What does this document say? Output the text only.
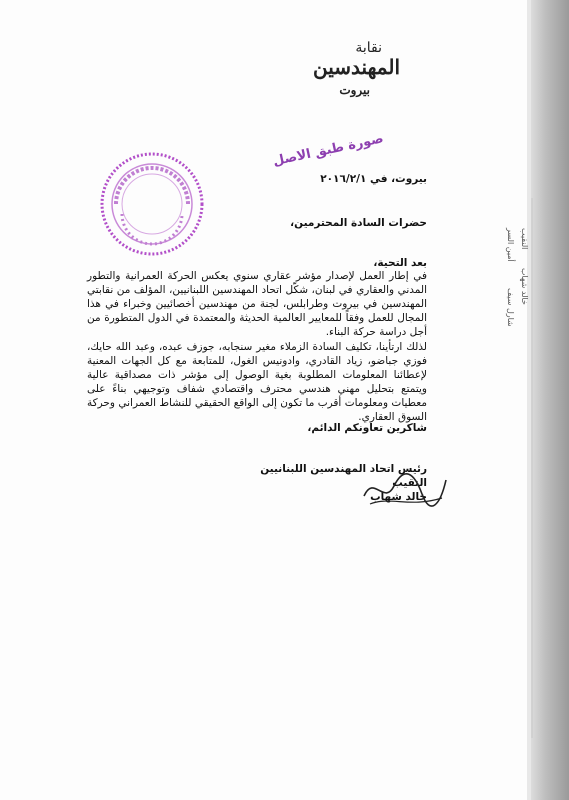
نقابة
المهندسين
بيروت
صورة طبق الاصل
النقيب
خالد شهاب
أمين السر
شارل سيف
بيروت، في ٢٠١٦/٢/١
حضرات السادة المحترمين،
بعد التحية،
في إطار العمل لإصدار مؤشر عقاري سنوي يعكس الحركة العمرانية والتطور المدني والعقاري في لبنان، شكّل اتحاد المهندسين اللبنانيين، المؤلف من نقابتي المهندسين في بيروت وطرابلس، لجنة من مهندسين أخصائيين وخبراء في هذا المجال للعمل وفقاً للمعايير العالمية الحديثة والمعتمدة في الدول المتطورة من أجل دراسة حركة البناء.
لذلك ارتأينا، تكليف السادة الزملاء مغير سنجابه، جوزف عبده، وعبد الله حايك، فوزي جباضو، زياد القادري، وادونيس الغول، للمتابعة مع كل الجهات المعنية لإعطائنا المعلومات المطلوبة بغية الوصول إلى مؤشر ذات مصداقية عالية ويتمتع بتحليل مهني هندسي محترف واقتصادي شفاف وتوجيهي بناءً على معطيات ومعلومات أقرب ما تكون إلى الواقع الحقيقي للنشاط العمراني وحركة السوق العقاري.
شاكرين تعاونكم الدائم،
رئيس اتحاد المهندسين اللبنانيين
النقيب
خالد شهاب
